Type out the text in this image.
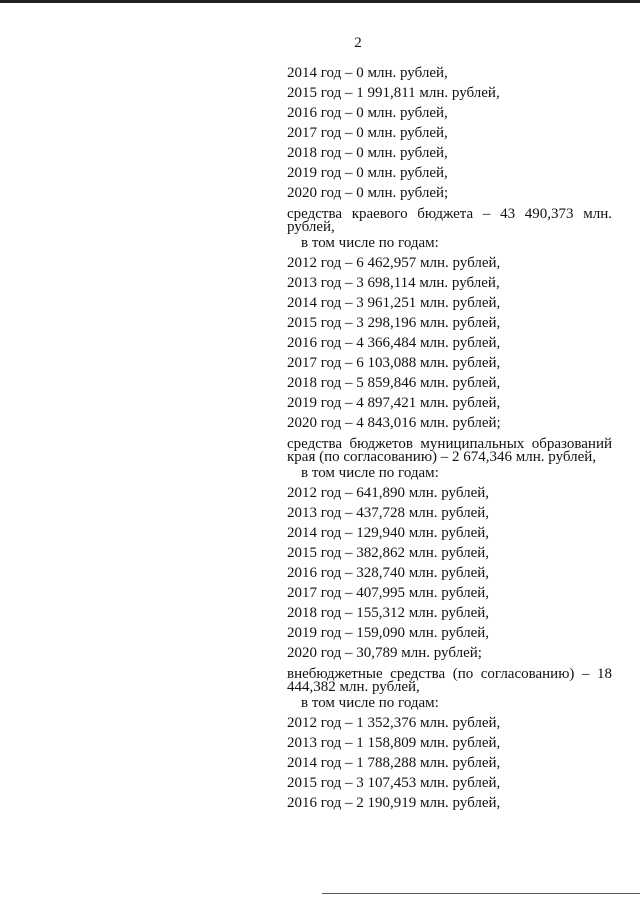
2
2014 год – 0 млн. рублей,
2015 год – 1 991,811 млн. рублей,
2016 год – 0 млн. рублей,
2017 год – 0 млн. рублей,
2018 год – 0 млн. рублей,
2019 год – 0 млн. рублей,
2020 год – 0 млн. рублей;
средства краевого бюджета – 43 490,373 млн. рублей,
в том числе по годам:
2012 год – 6 462,957 млн. рублей,
2013 год – 3 698,114 млн. рублей,
2014 год – 3 961,251 млн. рублей,
2015 год – 3 298,196 млн. рублей,
2016 год – 4 366,484 млн. рублей,
2017 год – 6 103,088 млн. рублей,
2018 год – 5 859,846 млн. рублей,
2019 год – 4 897,421 млн. рублей,
2020 год – 4 843,016 млн. рублей;
средства бюджетов муниципальных образований края (по согласованию) – 2 674,346 млн. рублей,
в том числе по годам:
2012 год – 641,890 млн. рублей,
2013 год – 437,728 млн. рублей,
2014 год – 129,940 млн. рублей,
2015 год – 382,862 млн. рублей,
2016 год – 328,740 млн. рублей,
2017 год – 407,995 млн. рублей,
2018 год – 155,312 млн. рублей,
2019 год – 159,090 млн. рублей,
2020 год – 30,789 млн. рублей;
внебюджетные средства (по согласованию) – 18 444,382 млн. рублей,
в том числе по годам:
2012 год – 1 352,376 млн. рублей,
2013 год – 1 158,809 млн. рублей,
2014 год – 1 788,288 млн. рублей,
2015 год – 3 107,453 млн. рублей,
2016 год – 2 190,919 млн. рублей,
